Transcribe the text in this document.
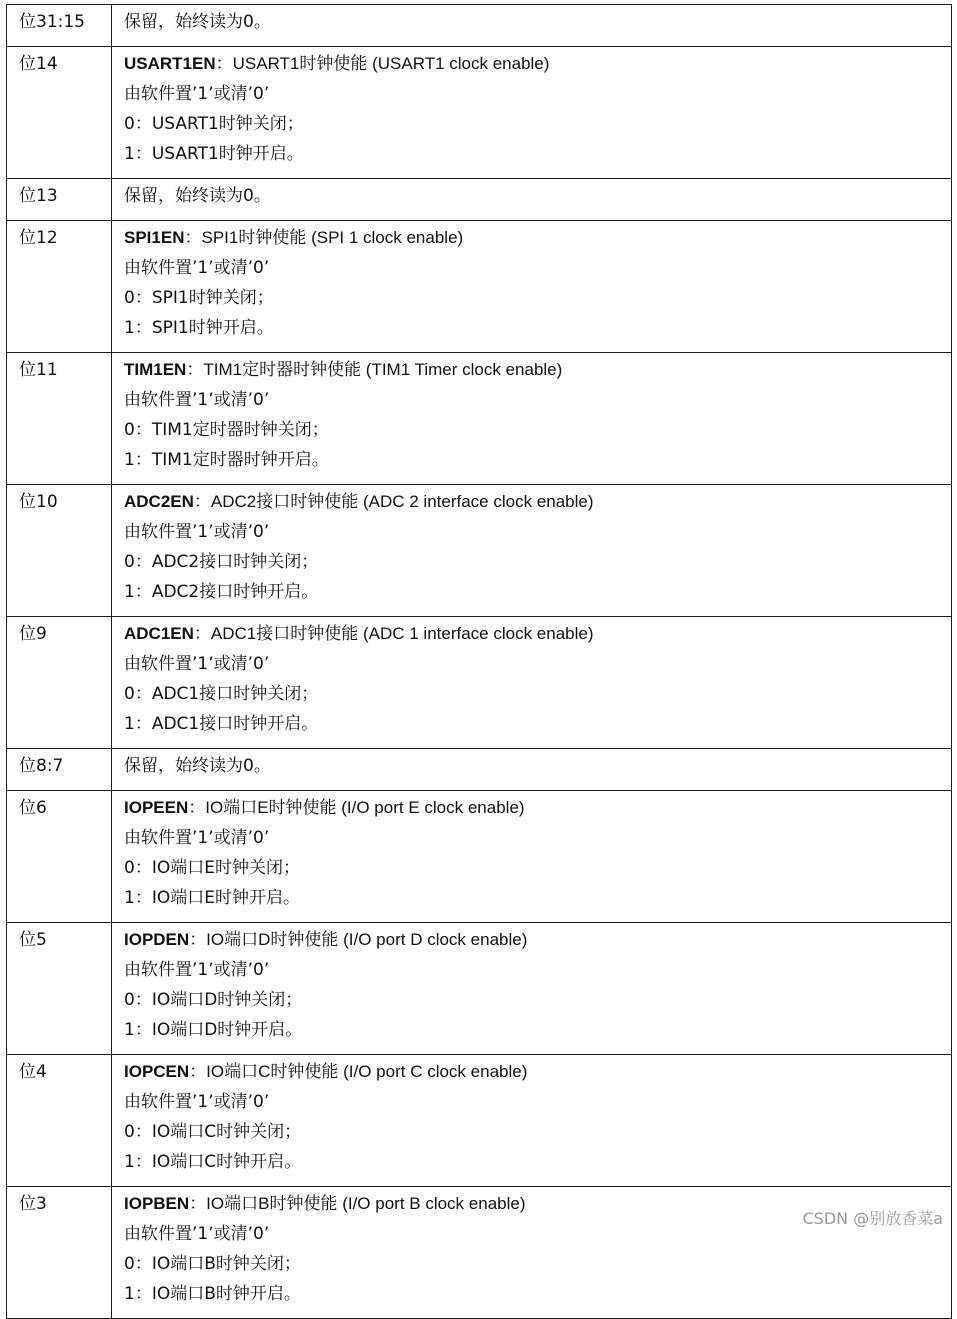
位31:15	保留，始终读为0。

位14	USART1EN：USART1时钟使能 (USART1 clock enable)
由软件置’1’或清’0’
0：USART1时钟关闭；
1：USART1时钟开启。

位13	保留，始终读为0。

位12	SPI1EN：SPI1时钟使能 (SPI 1 clock enable)
由软件置’1’或清’0’
0：SPI1时钟关闭；
1：SPI1时钟开启。

位11	TIM1EN：TIM1定时器时钟使能 (TIM1 Timer clock enable)
由软件置’1’或清’0’
0：TIM1定时器时钟关闭；
1：TIM1定时器时钟开启。

位10	ADC2EN：ADC2接口时钟使能 (ADC 2 interface clock enable)
由软件置’1’或清’0’
0：ADC2接口时钟关闭；
1：ADC2接口时钟开启。

位9	ADC1EN：ADC1接口时钟使能 (ADC 1 interface clock enable)
由软件置’1’或清’0’
0：ADC1接口时钟关闭；
1：ADC1接口时钟开启。

位8:7	保留，始终读为0。

位6	IOPEEN：IO端口E时钟使能 (I/O port E clock enable)
由软件置’1’或清’0’
0：IO端口E时钟关闭；
1：IO端口E时钟开启。

位5	IOPDEN：IO端口D时钟使能 (I/O port D clock enable)
由软件置’1’或清’0’
0：IO端口D时钟关闭；
1：IO端口D时钟开启。

位4	IOPCEN：IO端口C时钟使能 (I/O port C clock enable)
由软件置’1’或清’0’
0：IO端口C时钟关闭；
1：IO端口C时钟开启。

位3	IOPBEN：IO端口B时钟使能 (I/O port B clock enable)
由软件置’1’或清’0’
0：IO端口B时钟关闭；
1：IO端口B时钟开启。
CSDN @别放香菜a
